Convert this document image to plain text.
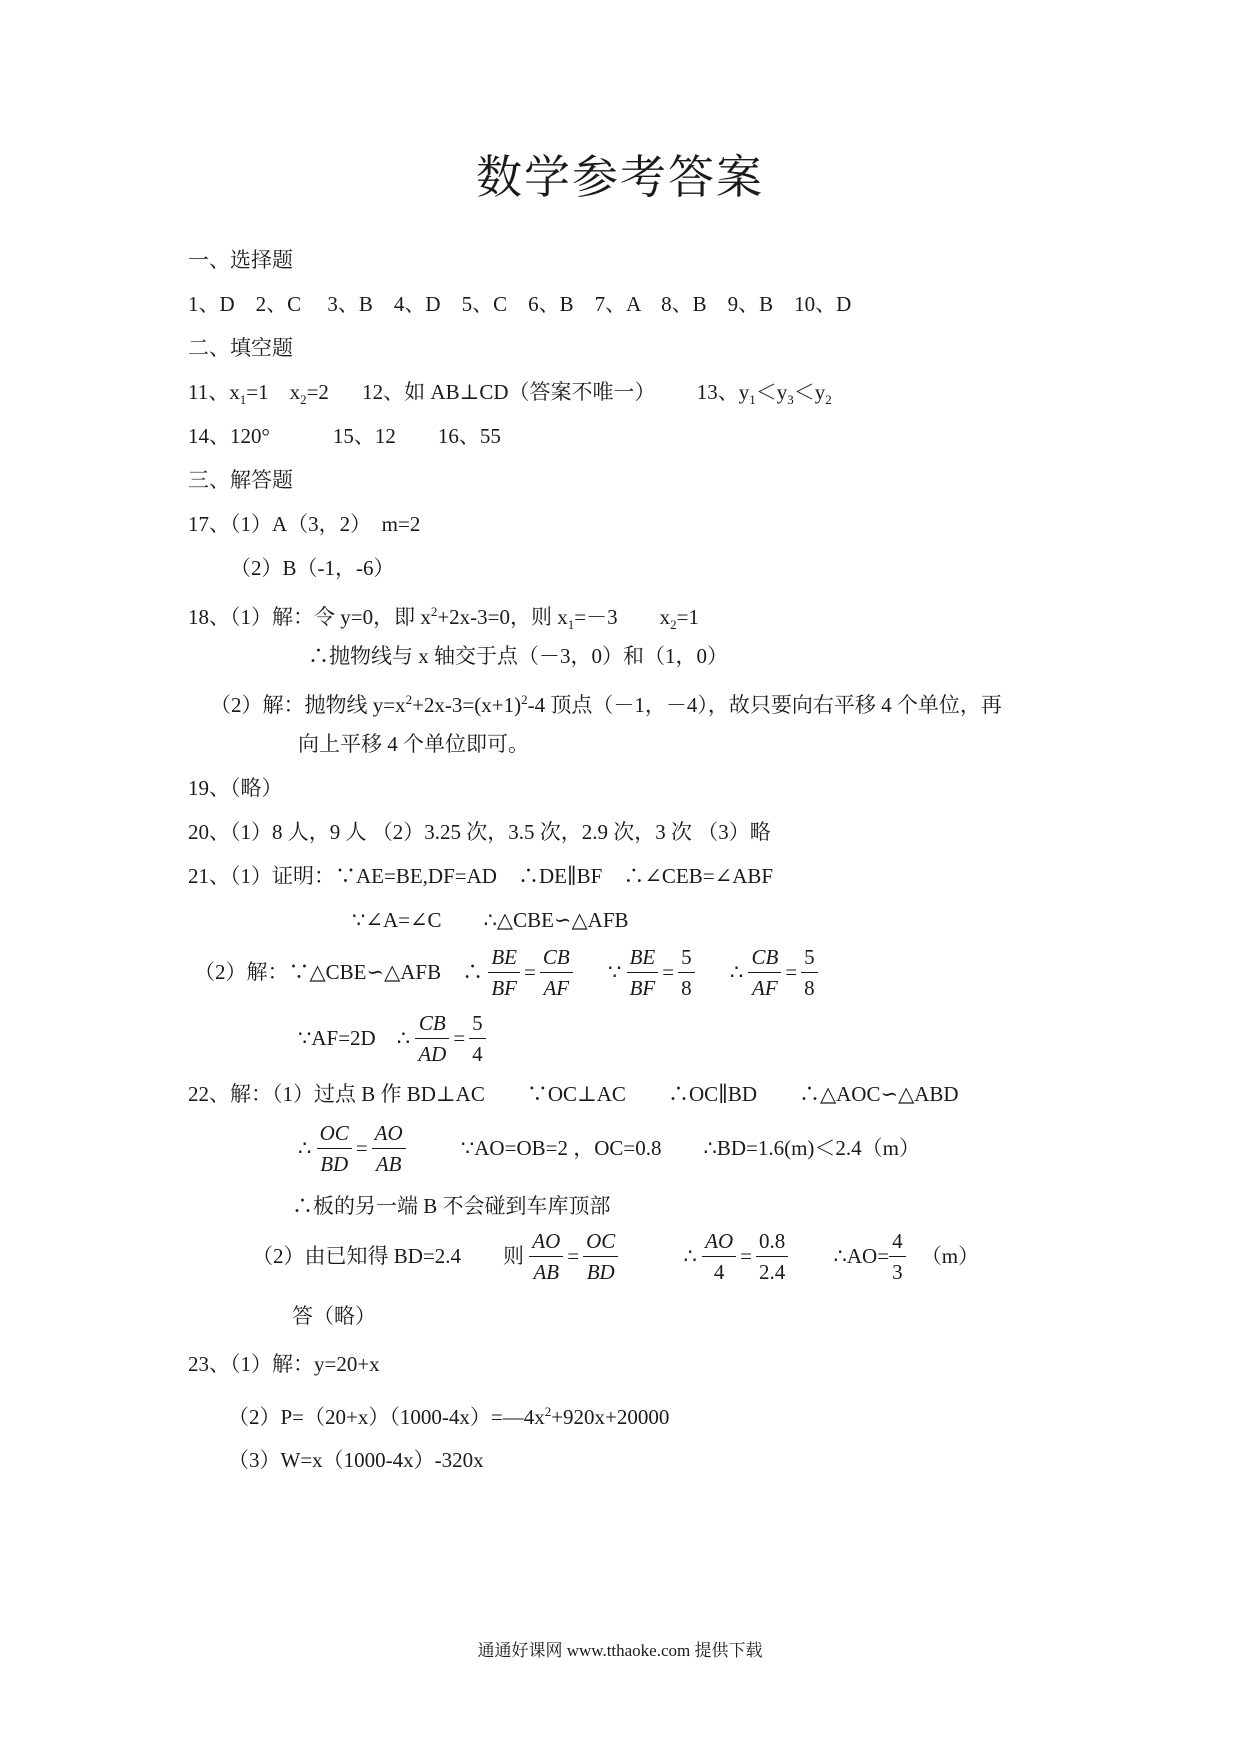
数学参考答案
一、选择题
1、D　2、C　 3、B　4、D　5、C　6、B　7、A　8、B　9、B　10、D
二、填空题
11、$x_1=1$　$x_2=2$ 12、如 AB⊥CD（答案不唯一） 13、$y_1<y_3<y_2$
14、120°　　　15、12　　16、55
三、解答题
17、（1）A（3，2）　m=2
（2）B（-1，-6）
18、（1）解：令 y=0，即 $x^2+2x-3=0$，则 $x_1=-3$　　$x_2=1$
∴抛物线与 x 轴交于点（－3，0）和（1，0）
（2）解：抛物线 $y=x^2+2x-3=(x+1)^2-4$ 顶点（－1，－4），故只要向右平移 4 个单位，再
向上平移 4 个单位即可。
19、（略）
20、（1）8 人，9 人 （2）3.25 次，3.5 次，2.9 次，3 次 （3）略
21、（1）证明：∵AE=BE,DF=AD　∴DE∥BF　∴∠CEB=∠ABF
∵∠A=∠C　　∴△CBE∽△AFB
（2）解：∵△CBE∽△AFB　∴ $\frac{BE}{BF} = \frac{CB}{AF}$ ∵ $\frac{BE}{BF} = \frac{5}{8}$ ∴ $\frac{CB}{AF} = \frac{5}{8}$
∵AF=2D　∴ $\frac{CB}{AD} = \frac{5}{4}$
22、解：（1）过点 B 作 BD⊥AC　　∵OC⊥AC　　∴OC∥BD　　∴△AOC∽△ABD
∴ $\frac{OC}{BD} = \frac{AO}{AB}$	∵AO=OB=2 ，OC=0.8　　∴BD=1.6(m)＜2.4（m）
∴板的另一端 B 不会碰到车库顶部
（2）由已知得 BD=2.4　　则 $\frac{AO}{AB} = \frac{OC}{BD}$	∴ $\frac{AO}{4} = \frac{0.8}{2.4}$ ∴AO= $\frac{4}{3} (m)$
答（略）
23、（1）解：y=20+x
$(2)P=(20+x)(1000-4x)=—4x^2+920x+20000$
（3）W=x（1000-4x）-320x
通通好课网 www.tthaoke.com 提供下载
